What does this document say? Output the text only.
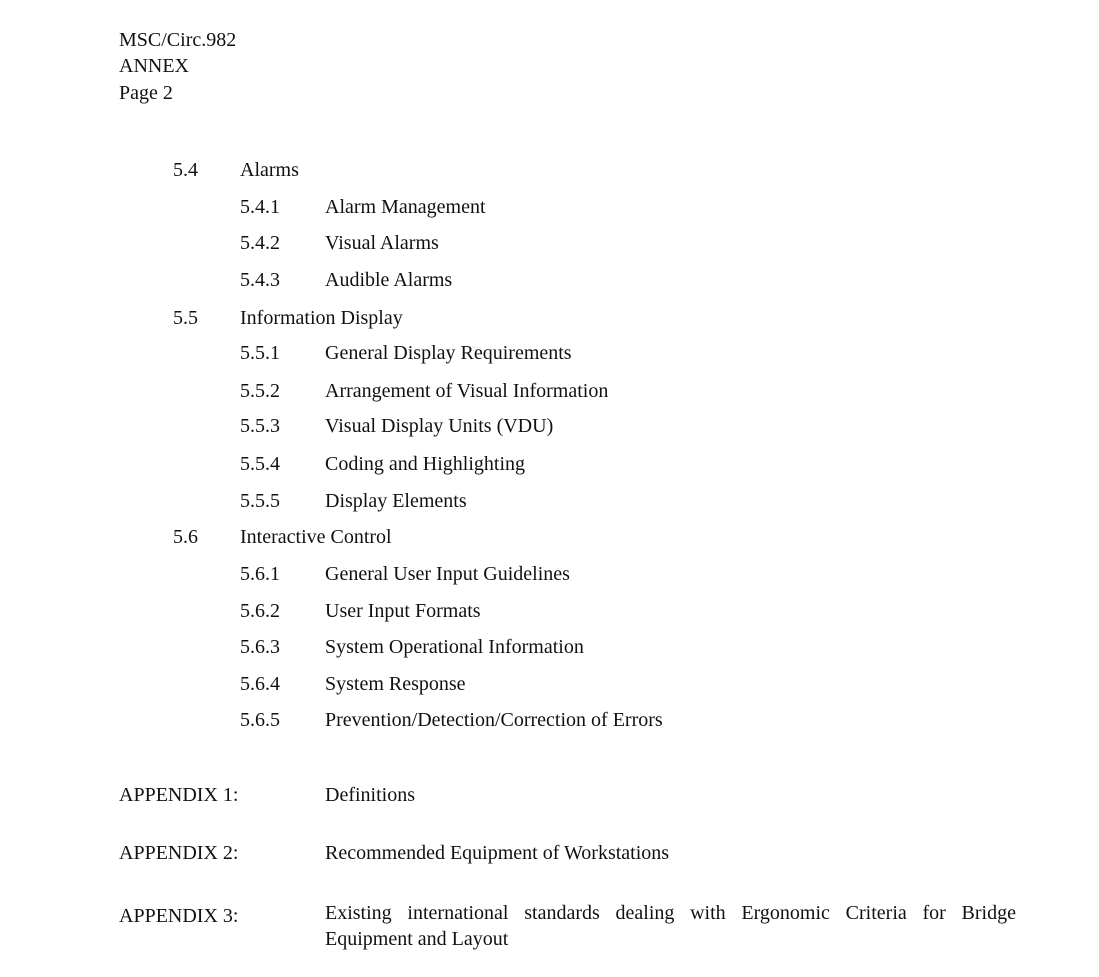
MSC/Circ.982
ANNEX
Page 2
5.4 Alarms
5.4.1 Alarm Management
5.4.2 Visual Alarms
5.4.3 Audible Alarms
5.5 Information Display
5.5.1 General Display Requirements
5.5.2 Arrangement of Visual Information
5.5.3 Visual Display Units (VDU)
5.5.4 Coding and Highlighting
5.5.5 Display Elements
5.6 Interactive Control
5.6.1 General User Input Guidelines
5.6.2 User Input Formats
5.6.3 System Operational Information
5.6.4 System Response
5.6.5 Prevention/Detection/Correction of Errors
APPENDIX 1:	Definitions
APPENDIX 2:	Recommended Equipment of Workstations
APPENDIX 3:	Existing international standards dealing with Ergonomic Criteria for Bridge
Equipment and Layout
